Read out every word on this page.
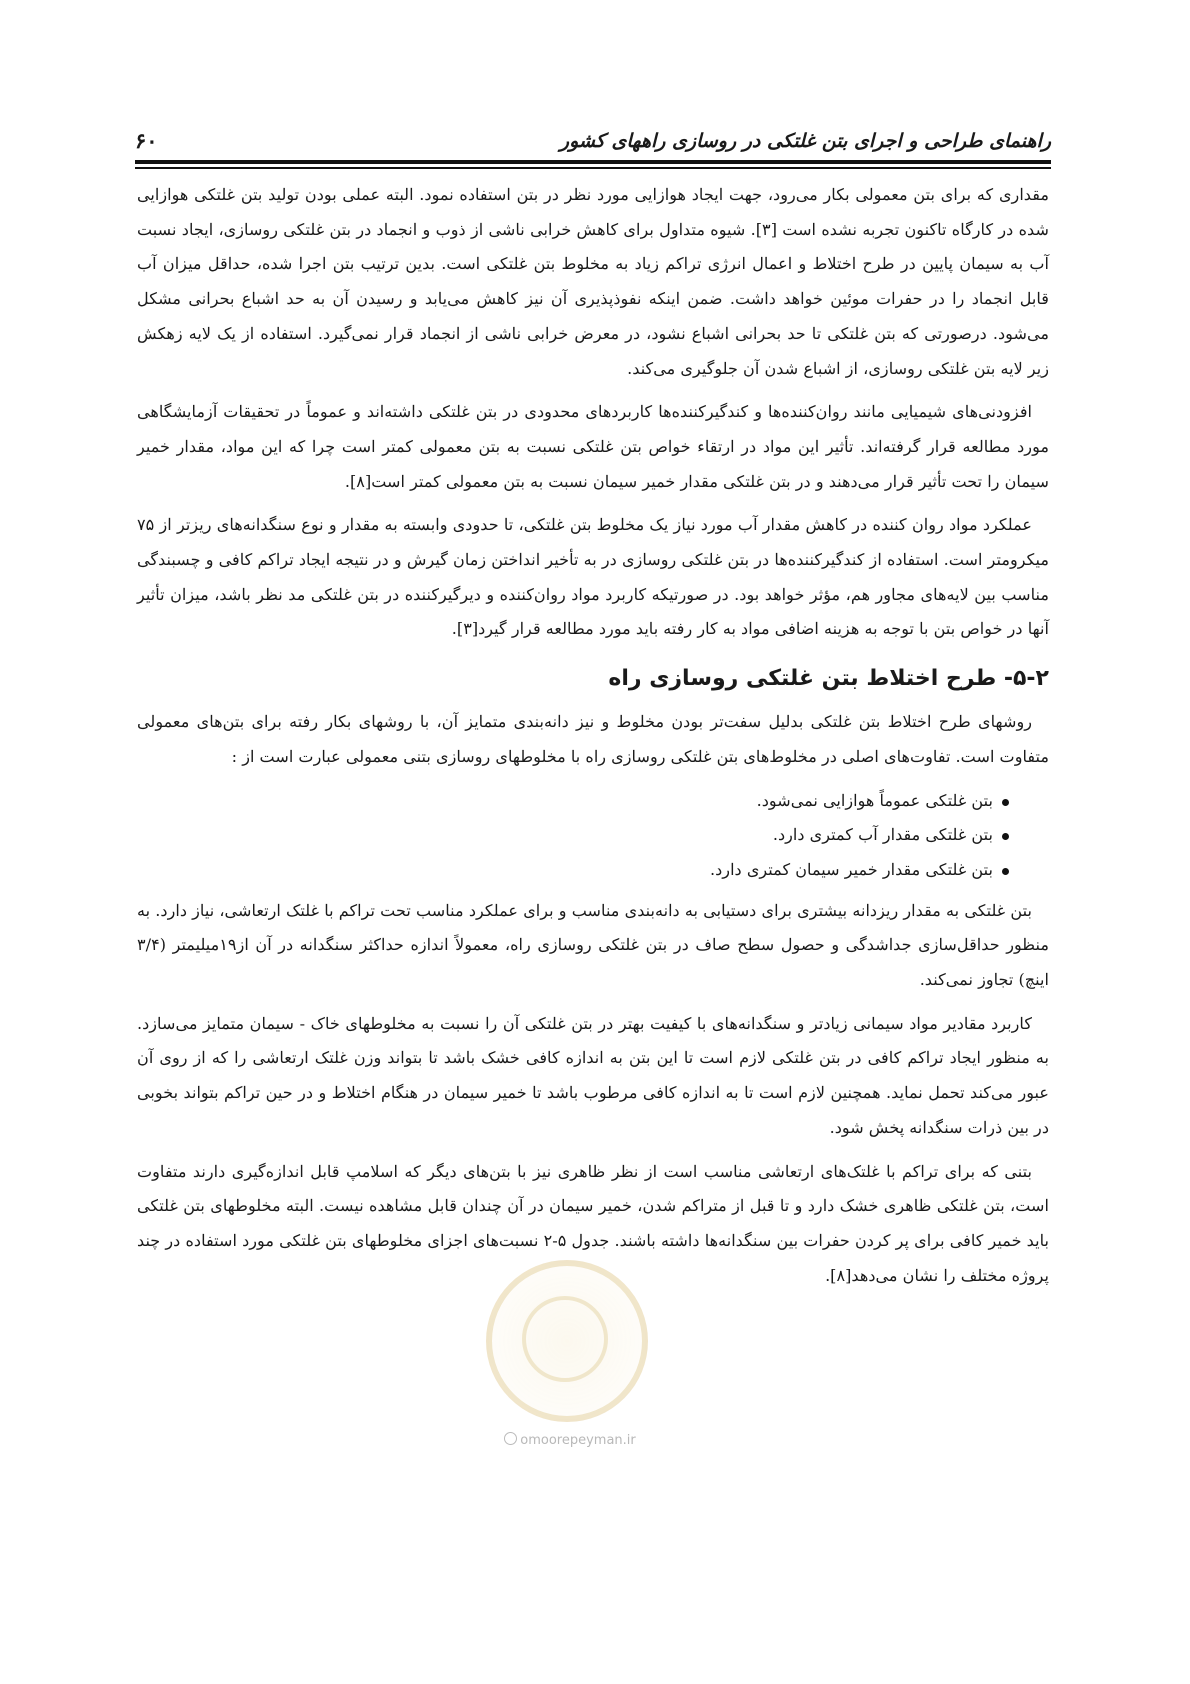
راهنمای طراحی و اجرای بتن غلتکی در روسازی راههای کشور
۶۰

مقداری که برای بتن معمولی بکار می‌رود، جهت ایجاد هوازایی مورد نظر در بتن استفاده نمود. البته عملی بودن تولید بتن غلتکی هوازایی شده در کارگاه تاکنون تجربه نشده است [۳]. شیوه متداول برای کاهش خرابی ناشی از ذوب و انجماد در بتن غلتکی روسازی، ایجاد نسبت آب به سیمان پایین در طرح اختلاط و اعمال انرژی تراکم زیاد به مخلوط بتن غلتکی است. بدین ترتیب بتن اجرا شده، حداقل میزان آب قابل انجماد را در حفرات موئین خواهد داشت. ضمن اینکه نفوذپذیری آن نیز کاهش می‌یابد و رسیدن آن به حد اشباع بحرانی مشکل می‌شود. درصورتی که بتن غلتکی تا حد بحرانی اشباع نشود، در معرض خرابی ناشی از انجماد قرار نمی‌گیرد. استفاده از یک لایه زهکش زیر لایه بتن غلتکی روسازی، از اشباع شدن آن جلوگیری می‌کند.

افزودنی‌های شیمیایی مانند روان‌کننده‌ها و کندگیرکننده‌ها کاربردهای محدودی در بتن غلتکی داشته‌اند و عموماً در تحقیقات آزمایشگاهی مورد مطالعه قرار گرفته‌اند. تأثیر این مواد در ارتقاء خواص بتن غلتکی نسبت به بتن معمولی کمتر است چرا که این مواد، مقدار خمیر سیمان را تحت تأثیر قرار می‌دهند و در بتن غلتکی مقدار خمیر سیمان نسبت به بتن معمولی کمتر است[۸].

عملکرد مواد روان کننده در کاهش مقدار آب مورد نیاز یک مخلوط بتن غلتکی، تا حدودی وابسته به مقدار و نوع سنگدانه‌های ریزتر از ۷۵ میکرومتر است. استفاده از کندگیرکننده‌ها در بتن غلتکی روسازی در به تأخیر انداختن زمان گیرش و در نتیجه ایجاد تراکم کافی و چسبندگی مناسب بین لایه‌های مجاور هم، مؤثر خواهد بود. در صورتیکه کاربرد مواد روان‌کننده و دیرگیرکننده در بتن غلتکی مد نظر باشد، میزان تأثیر آنها در خواص بتن با توجه به هزینه اضافی مواد به کار رفته باید مورد مطالعه قرار گیرد[۳].

۵-۲- طرح اختلاط بتن غلتکی روسازی راه

روشهای طرح اختلاط بتن غلتکی بدلیل سفت‌تر بودن مخلوط و نیز دانه‌بندی متمایز آن، با روشهای بکار رفته برای بتن‌های معمولی متفاوت است. تفاوت‌های اصلی در مخلوط‌های بتن غلتکی روسازی راه با مخلوطهای روسازی بتنی معمولی عبارت است از :

بتن غلتکی عموماً هوازایی نمی‌شود.
بتن غلتکی مقدار آب کمتری دارد.
بتن غلتکی مقدار خمیر سیمان کمتری دارد.

بتن غلتکی به مقدار ریزدانه بیشتری برای دستیابی به دانه‌بندی مناسب و برای عملکرد مناسب تحت تراکم با غلتک ارتعاشی، نیاز دارد. به منظور حداقل‌سازی جداشدگی و حصول سطح صاف در بتن غلتکی روسازی راه، معمولاً اندازه حداکثر سنگدانه در آن از۱۹میلیمتر (۳/۴ اینچ) تجاوز نمی‌کند.

کاربرد مقادیر مواد سیمانی زیادتر و سنگدانه‌های با کیفیت بهتر در بتن غلتکی آن را نسبت به مخلوطهای خاک - سیمان متمایز می‌سازد. به منظور ایجاد تراکم کافی در بتن غلتکی لازم است تا این بتن به اندازه کافی خشک باشد تا بتواند وزن غلتک ارتعاشی را که از روی آن عبور می‌کند تحمل نماید. همچنین لازم است تا به اندازه کافی مرطوب باشد تا خمیر سیمان در هنگام اختلاط و در حین تراکم بتواند بخوبی در بین ذرات سنگدانه پخش شود.

بتنی که برای تراکم با غلتک‌های ارتعاشی مناسب است از نظر ظاهری نیز با بتن‌های دیگر که اسلامپ قابل اندازه‌گیری دارند متفاوت است، بتن غلتکی ظاهری خشک دارد و تا قبل از متراکم شدن، خمیر سیمان در آن چندان قابل مشاهده نیست. البته مخلوطهای بتن غلتکی باید خمیر کافی برای پر کردن حفرات بین سنگدانه‌ها داشته باشند. جدول ۵-۲ نسبت‌های اجزای مخلوطهای بتن غلتکی مورد استفاده در چند پروژه مختلف را نشان می‌دهد[۸].

omoorepeyman.ir
